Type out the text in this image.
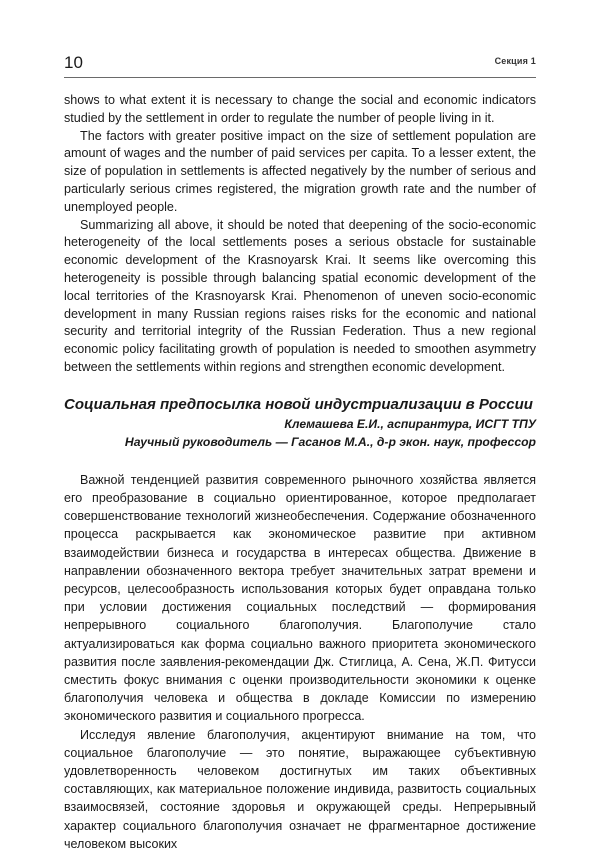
10	Секция 1

shows to what extent it is necessary to change the social and economic indicators studied by the settlement in order to regulate the number of people living in it.

The factors with greater positive impact on the size of settlement population are amount of wages and the number of paid services per capita. To a lesser extent, the size of population in settlements is affected negatively by the number of serious and particularly serious crimes registered, the migration growth rate and the number of unemployed people.

Summarizing all above, it should be noted that deepening of the socio-economic heterogeneity of the local settlements poses a serious obstacle for sustainable economic development of the Krasnoyarsk Krai. It seems like overcoming this heterogeneity is possible through balancing spatial economic development of the local territories of the Krasnoyarsk Krai. Phenomenon of uneven socio-economic development in many Russian regions raises risks for the economic and national security and territorial integrity of the Russian Federation. Thus a new regional economic policy facilitating growth of population is needed to smoothen asymmetry between the settlements within regions and strengthen economic development.

Социальная предпосылка новой индустриализации в России
Клемашева Е.И., аспирантура, ИСГТ ТПУ
Научный руководитель — Гасанов М.А., д-р экон. наук, профессор

Важной тенденцией развития современного рыночного хозяйства является его преобразование в социально ориентированное, которое предполагает совершенствование технологий жизнеобеспечения. Содержание обозначенного процесса раскрывается как экономическое развитие при активном взаимодействии бизнеса и государства в интересах общества. Движение в направлении обозначенного вектора требует значительных затрат времени и ресурсов, целесообразность использования которых будет оправдана только при условии достижения социальных последствий — формирования непрерывного социального благополучия. Благополучие стало актуализироваться как форма социально важного приоритета экономического развития после заявления-рекомендации Дж. Стиглица, А. Сена, Ж.П. Фитусси сместить фокус внимания с оценки производительности экономики к оценке благополучия человека и общества в докладе Комиссии по измерению экономического развития и социального прогресса.

Исследуя явление благополучия, акцентируют внимание на том, что социальное благополучие — это понятие, выражающее субъективную удовлетворенность человеком достигнутых им таких объективных составляющих, как материальное положение индивида, развитость социальных взаимосвязей, состояние здоровья и окружающей среды. Непрерывный характер социального благополучия означает не фрагментарное достижение человеком высоких
